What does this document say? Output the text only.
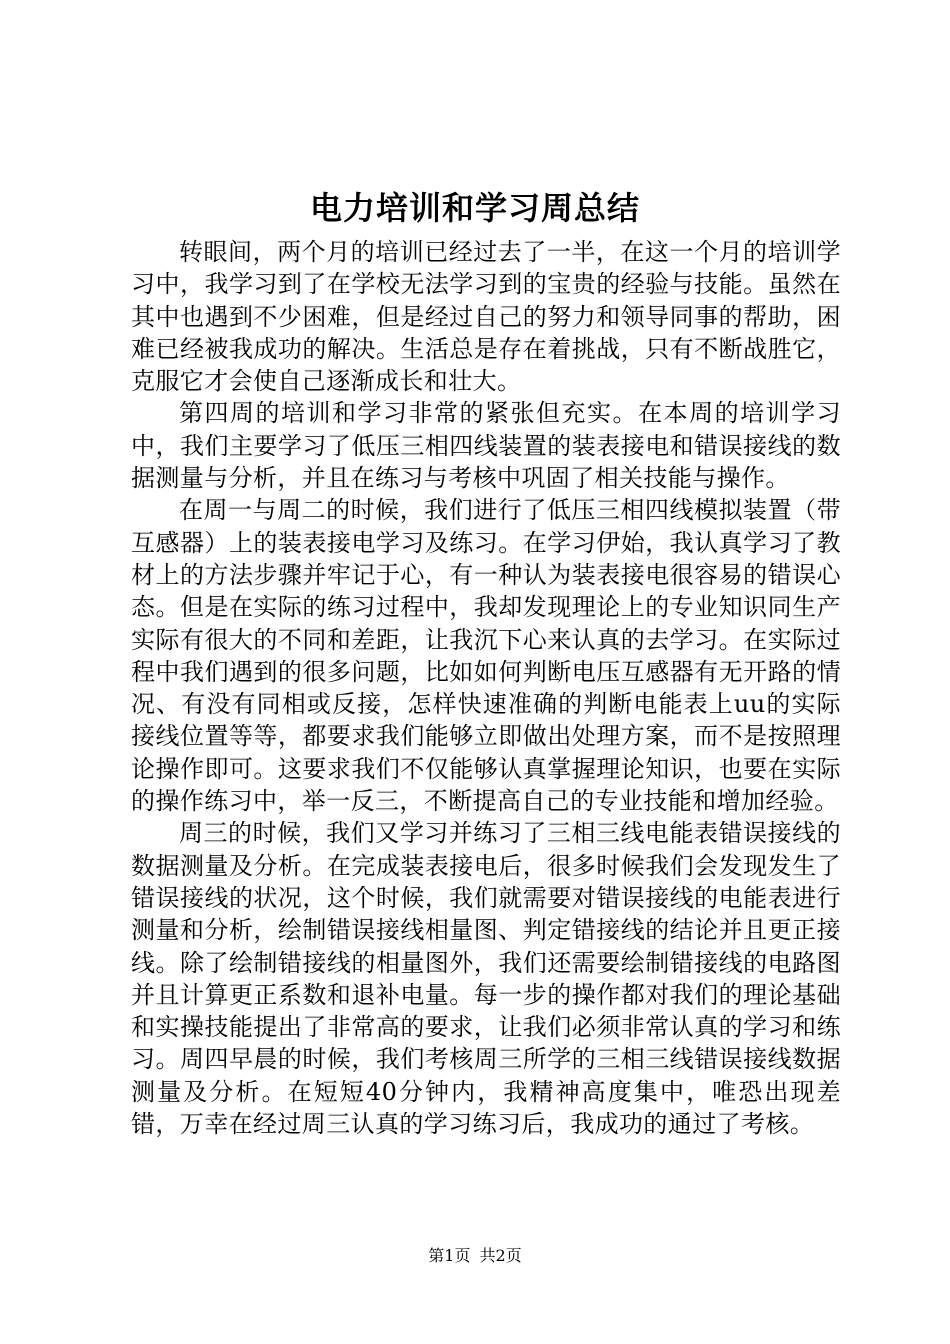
电力培训和学习周总结

转眼间，两个月的培训已经过去了一半，在这一个月的培训学习中，我学习到了在学校无法学习到的宝贵的经验与技能。虽然在其中也遇到不少困难，但是经过自己的努力和领导同事的帮助，困难已经被我成功的解决。生活总是存在着挑战，只有不断战胜它，克服它才会使自己逐渐成长和壮大。

第四周的培训和学习非常的紧张但充实。在本周的培训学习中，我们主要学习了低压三相四线装置的装表接电和错误接线的数据测量与分析，并且在练习与考核中巩固了相关技能与操作。

在周一与周二的时候，我们进行了低压三相四线模拟装置（带互感器）上的装表接电学习及练习。在学习伊始，我认真学习了教材上的方法步骤并牢记于心，有一种认为装表接电很容易的错误心态。但是在实际的练习过程中，我却发现理论上的专业知识同生产实际有很大的不同和差距，让我沉下心来认真的去学习。在实际过程中我们遇到的很多问题，比如如何判断电压互感器有无开路的情况、有没有同相或反接，怎样快速准确的判断电能表上uu的实际接线位置等等，都要求我们能够立即做出处理方案，而不是按照理论操作即可。这要求我们不仅能够认真掌握理论知识，也要在实际的操作练习中，举一反三，不断提高自己的专业技能和增加经验。

周三的时候，我们又学习并练习了三相三线电能表错误接线的数据测量及分析。在完成装表接电后，很多时候我们会发现发生了错误接线的状况，这个时候，我们就需要对错误接线的电能表进行测量和分析，绘制错误接线相量图、判定错接线的结论并且更正接线。除了绘制错接线的相量图外，我们还需要绘制错接线的电路图并且计算更正系数和退补电量。每一步的操作都对我们的理论基础和实操技能提出了非常高的要求，让我们必须非常认真的学习和练习。周四早晨的时候，我们考核周三所学的三相三线错误接线数据测量及分析。在短短40分钟内，我精神高度集中，唯恐出现差错，万幸在经过周三认真的学习练习后，我成功的通过了考核。

第1页 共2页
